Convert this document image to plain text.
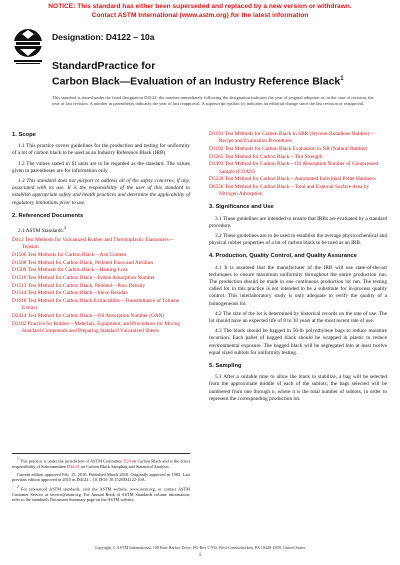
NOTICE: This standard has either been superseded and replaced by a new version or withdrawn.
Contact ASTM International (www.astm.org) for the latest information
Designation: D4122 – 10a
StandardPractice for
Carbon Black—Evaluation of an Industry Reference Black$^1$
This standard is issued under the fixed designation D4122; the number immediately following the designation indicates the year of original adoption or, in the case of revision, the year of last revision. A number in parentheses indicates the year of last reapproval. A superscript epsilon (ε) indicates an editorial change since the last revision or reapproval.
1. Scope

1.1 This practice covers guidelines for the production and testing for uniformity of a lot of carbon black to be used as an Industry Reference Black (IRB).

1.2 The values stated in SI units are to be regarded as the standard. The values given in parentheses are for information only.

1.3 This standard does not purport to address all of the safety concerns, if any, associated with its use. It is the responsibility of the user of this standard to establish appropriate safety and health practices and determine the applicability of regulatory limitations prior to use.

2. Referenced Documents
2.1 ASTM Standards:$^2$
D412 Test Methods for Vulcanized Rubber and Thermoplastic Elastomers—Tension
D1506 Test Methods for Carbon Black—Ash Content
D1508 Test Method for Carbon Black, Pelleted Fines and Attrition
D1509 Test Methods for Carbon Black—Heating Loss
D1510 Test Method for Carbon Black—Iodine Adsorption Number
D1513 Test Method for Carbon Black, Pelleted—Pour Density
D1514 Test Method for Carbon Black—Sieve Residue
D1618 Test Method for Carbon Black Extractables—Transmittance of Toluene Extract
D2414 Test Method for Carbon Black—Oil Absorption Number (OAN)
D3182 Practice for Rubber—Materials, Equipment, and Procedures for Mixing Standard Compounds and Preparing Standard Vulcanized Sheets
D3191 Test Methods for Carbon Black in SBR (Styrene-Butadiene Rubber)—Recipe and Evaluation Procedures
D3192 Test Methods for Carbon Black Evaluation in NR (Natural Rubber)
D3265 Test Method for Carbon Black—Tint Strength
D3493 Test Method for Carbon Black—Oil Absorption Number of Compressed Sample (COAN)
D5230 Test Method for Carbon Black—Automated Individual Pellet Hardness
D6556 Test Method for Carbon Black—Total and External Surface Area by Nitrogen Adsorption
3. Significance and Use

3.1 These guidelines are intended to ensure that IRBs are evaluated by a standard procedure.

3.2 These guidelines are to be used to establish the average physicochemical and physical rubber properties of a lot of carbon black to be used as an IRB.

4. Production, Quality Control, and Quality Assurance

4.1 It is assumed that the manufacturer of the IRB will use state-of-the-art techniques to ensure maximum uniformity throughout the entire production run. The production should be made in one continuous production lot run. The testing called for in this practice is not intended to be a substitute for in-process quality control. This interlaboratory study is only adequate to verify the quality of a homogeneous lot.

4.2 The size of the lot is determined by historical records on the rate of use. The lot should have an expected life of 8 to 10 years at the most recent rate of use.

4.3 The black should be bagged in 50-lb polyethylene bags to reduce moisture incursion. Each pallet of bagged black should be wrapped in plastic to reduce environmental exposure. The bagged black will be segregated into at least twelve equal sized sublots for uniformity testing.

5. Sampling

5.1 After a suitable time to allow the black to stabilize, a bag will be selected from the approximate middle of each of the sublots; the bags selected will be numbered from one through n, where n is the total number of sublots, in order to represent the corresponding production lot.

$^1$ This practice is under the jurisdiction of ASTM Committee D24 on Carbon Black and is the direct responsibility of Subcommittee D24.61 on Carbon Black Sampling and Statistical Analysis.

Current edition approved Feb. 15, 2010. Published March 2010. Originally approved in 1982. Last previous edition approved in 2010 as D4122 – 10. DOI: 10.1520/D4122-10A.

$^2$ For referenced ASTM standards, visit the ASTM website, www.astm.org, or contact ASTM Customer Service at service@astm.org. For Annual Book of ASTM Standards volume information, refer to the standard's Document Summary page on the ASTM website.

Copyright © ASTM International, 100 Barr Harbor Drive, PO Box C700, West Conshohocken, PA 19428-2959, United States
1
